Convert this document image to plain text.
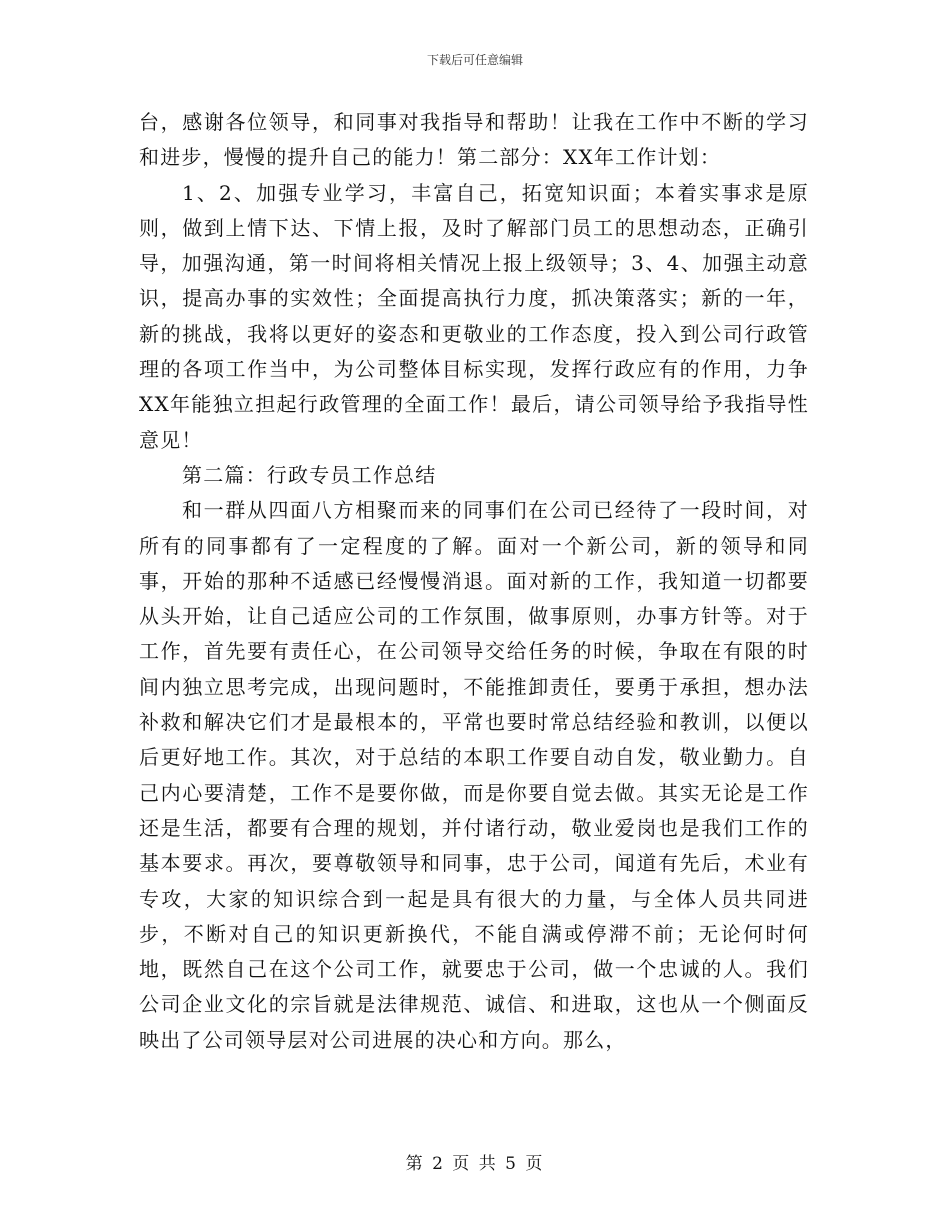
下载后可任意编辑

台，感谢各位领导，和同事对我指导和帮助！让我在工作中不断的学习和进步，慢慢的提升自己的能力！第二部分：XX年工作计划：

1、2、加强专业学习，丰富自己，拓宽知识面；本着实事求是原则，做到上情下达、下情上报，及时了解部门员工的思想动态，正确引导，加强沟通，第一时间将相关情况上报上级领导；3、4、加强主动意识，提高办事的实效性；全面提高执行力度，抓决策落实；新的一年，新的挑战，我将以更好的姿态和更敬业的工作态度，投入到公司行政管理的各项工作当中，为公司整体目标实现，发挥行政应有的作用，力争XX年能独立担起行政管理的全面工作！最后，请公司领导给予我指导性意见！

第二篇：行政专员工作总结

和一群从四面八方相聚而来的同事们在公司已经待了一段时间，对所有的同事都有了一定程度的了解。面对一个新公司，新的领导和同事，开始的那种不适感已经慢慢消退。面对新的工作，我知道一切都要从头开始，让自己适应公司的工作氛围，做事原则，办事方针等。对于工作，首先要有责任心，在公司领导交给任务的时候，争取在有限的时间内独立思考完成，出现问题时，不能推卸责任，要勇于承担，想办法补救和解决它们才是最根本的，平常也要时常总结经验和教训，以便以后更好地工作。其次，对于总结的本职工作要自动自发，敬业勤力。自己内心要清楚，工作不是要你做，而是你要自觉去做。其实无论是工作还是生活，都要有合理的规划，并付诸行动，敬业爱岗也是我们工作的基本要求。再次，要尊敬领导和同事，忠于公司，闻道有先后，术业有专攻，大家的知识综合到一起是具有很大的力量，与全体人员共同进步，不断对自己的知识更新换代，不能自满或停滞不前；无论何时何地，既然自己在这个公司工作，就要忠于公司，做一个忠诚的人。我们公司企业文化的宗旨就是法律规范、诚信、和进取，这也从一个侧面反映出了公司领导层对公司进展的决心和方向。那么，

第 2 页 共 5 页
